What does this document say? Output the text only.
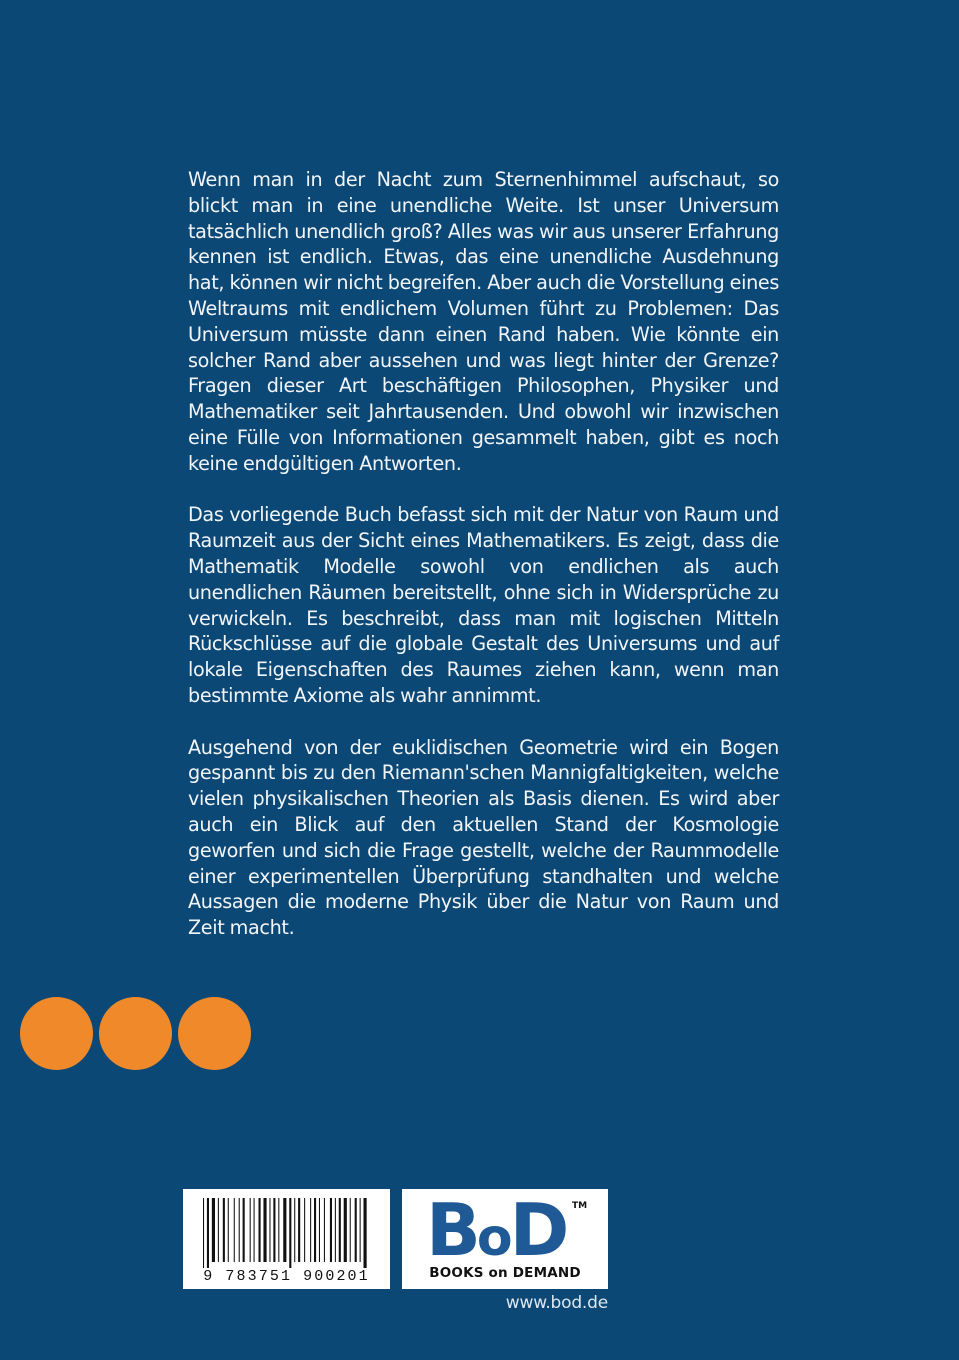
Wenn man in der Nacht zum Sternenhimmel aufschaut, so blickt man in eine unendliche Weite. Ist unser Universum tatsächlich unendlich groß? Alles was wir aus unserer Erfahrung kennen ist endlich. Etwas, das eine unendliche Ausdehnung hat, können wir nicht begreifen. Aber auch die Vorstellung eines Weltraums mit endlichem Volumen führt zu Problemen: Das Universum müsste dann einen Rand haben. Wie könnte ein solcher Rand aber aussehen und was liegt hinter der Grenze? Fragen dieser Art beschäftigen Philosophen, Physiker und Mathematiker seit Jahrtausenden. Und obwohl wir inzwischen eine Fülle von Informationen gesammelt haben, gibt es noch keine endgültigen Antworten.

Das vorliegende Buch befasst sich mit der Natur von Raum und Raumzeit aus der Sicht eines Mathematikers. Es zeigt, dass die Mathematik Modelle sowohl von endlichen als auch unendlichen Räumen bereitstellt, ohne sich in Widersprüche zu verwickeln. Es beschreibt, dass man mit logischen Mitteln Rückschlüsse auf die globale Gestalt des Universums und auf lokale Eigenschaften des Raumes ziehen kann, wenn man bestimmte Axiome als wahr annimmt.

Ausgehend von der euklidischen Geometrie wird ein Bogen gespannt bis zu den Riemann'schen Mannigfaltigkeiten, welche vielen physikalischen Theorien als Basis dienen. Es wird aber auch ein Blick auf den aktuellen Stand der Kosmologie geworfen und sich die Frage gestellt, welche der Raummodelle einer experimentellen Überprüfung standhalten und welche Aussagen die moderne Physik über die Natur von Raum und Zeit macht.

9 783751 900201
BoD TM
BOOKS on DEMAND
www.bod.de
